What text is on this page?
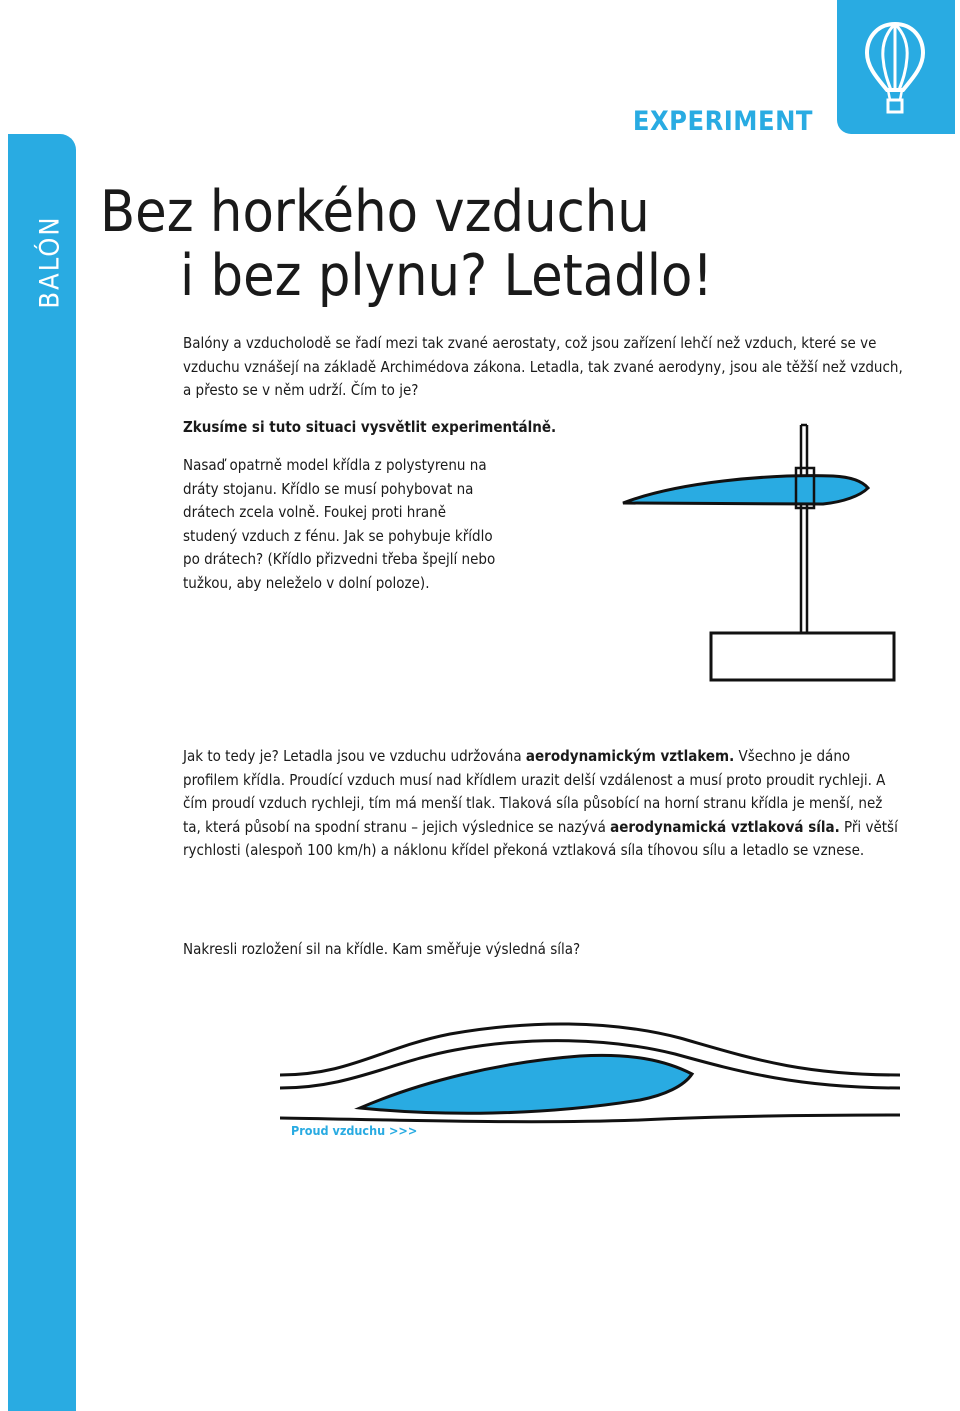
BALÓN
EXPERIMENT
Bez horkého vzduchu
i bez plynu? Letadlo!

Balóny a vzducholodě se řadí mezi tak zvané aerostaty, což jsou zařízení lehčí než vzduch, které se ve vzduchu vznášejí na základě Archimédova zákona. Letadla, tak zvané aerodyny, jsou ale těžší než vzduch, a přesto se v něm udrží. Čím to je?

Zkusíme si tuto situaci vysvětlit experimentálně.

Nasaď opatrně model křídla z polystyrenu na dráty stojanu. Křídlo se musí pohybovat na drátech zcela volně. Foukej proti hraně studený vzduch z fénu. Jak se pohybuje křídlo po drátech? (Křídlo přizvedni třeba špejlí nebo tužkou, aby neleželo v dolní poloze).

Jak to tedy je? Letadla jsou ve vzduchu udržována aerodynamickým vztlakem. Všechno je dáno profilem křídla. Proudící vzduch musí nad křídlem urazit delší vzdálenost a musí proto proudit rychleji. A čím proudí vzduch rychleji, tím má menší tlak. Tlaková síla působící na horní stranu křídla je menší, než ta, která působí na spodní stranu – jejich výslednice se nazývá aerodynamická vztlaková síla. Při větší rychlosti (alespoň 100 km/h) a náklonu křídel překoná vztlaková síla tíhovou sílu a letadlo se vznese.

Nakresli rozložení sil na křídle. Kam směřuje výsledná síla?

Proud vzduchu >>>
